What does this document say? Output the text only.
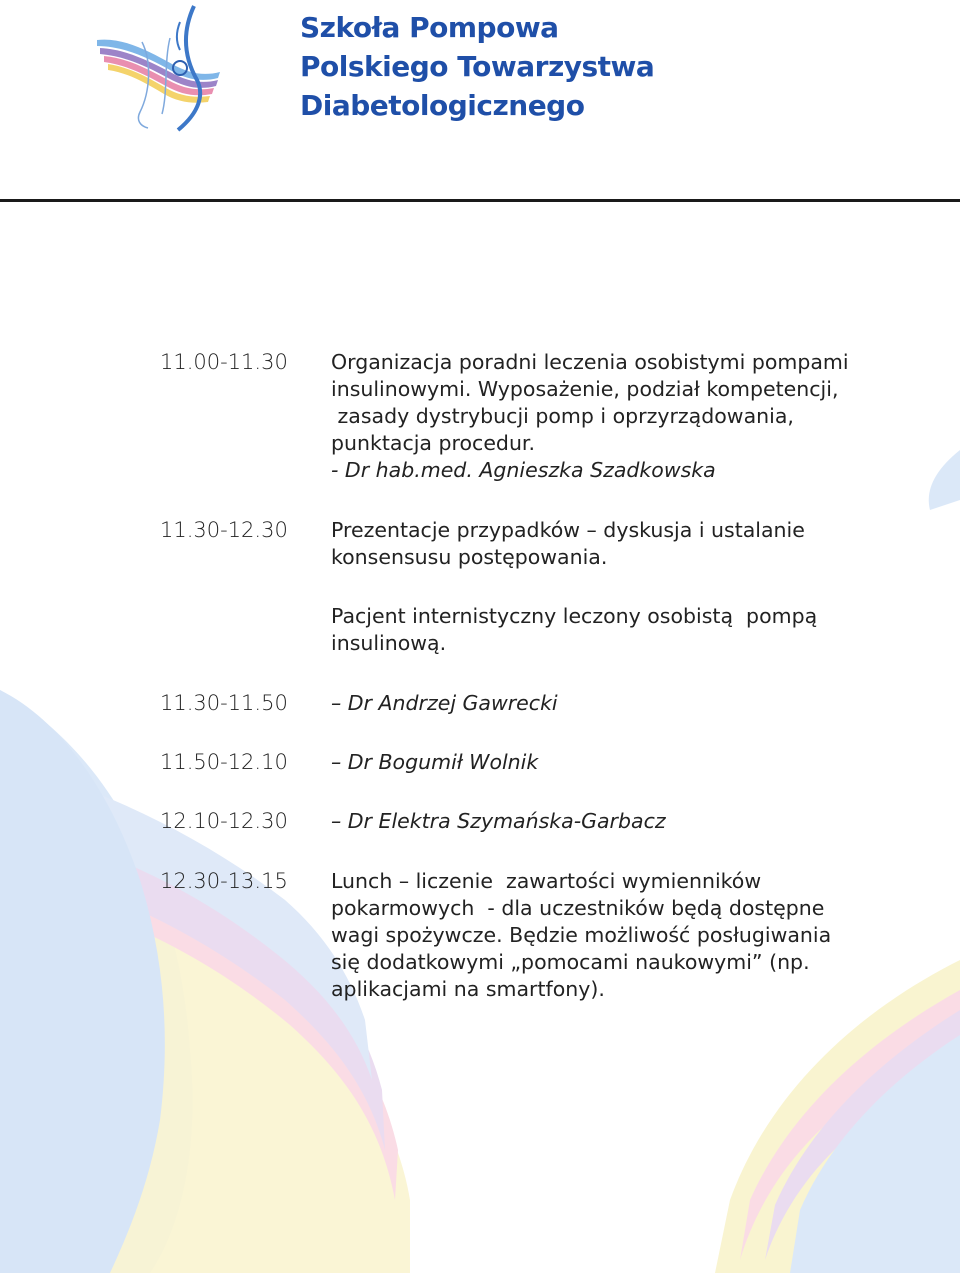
Szkoła Pompowa
Polskiego Towarzystwa
Diabetologicznego
11.00-11.30	Organizacja poradni leczenia osobistymi pompami
insulinowymi. Wyposażenie, podział kompetencji,
zasady dystrybucji pomp i oprzyrządowania,
punktacja procedur.
- Dr hab.med. Agnieszka Szadkowska
11.30-12.30	Prezentacje przypadków – dyskusja i ustalanie
konsensusu postępowania.
Pacjent internistyczny leczony osobistą  pompą
insulinową.
11.30-11.50	– Dr Andrzej Gawrecki
11.50-12.10	– Dr Bogumił Wolnik
12.10-12.30	– Dr Elektra Szymańska-Garbacz
12.30-13.15	Lunch – liczenie  zawartości wymienników
pokarmowych  - dla uczestników będą dostępne
wagi spożywcze. Będzie możliwość posługiwania
się dodatkowymi „pomocami naukowymi” (np.
aplikacjami na smartfony).
